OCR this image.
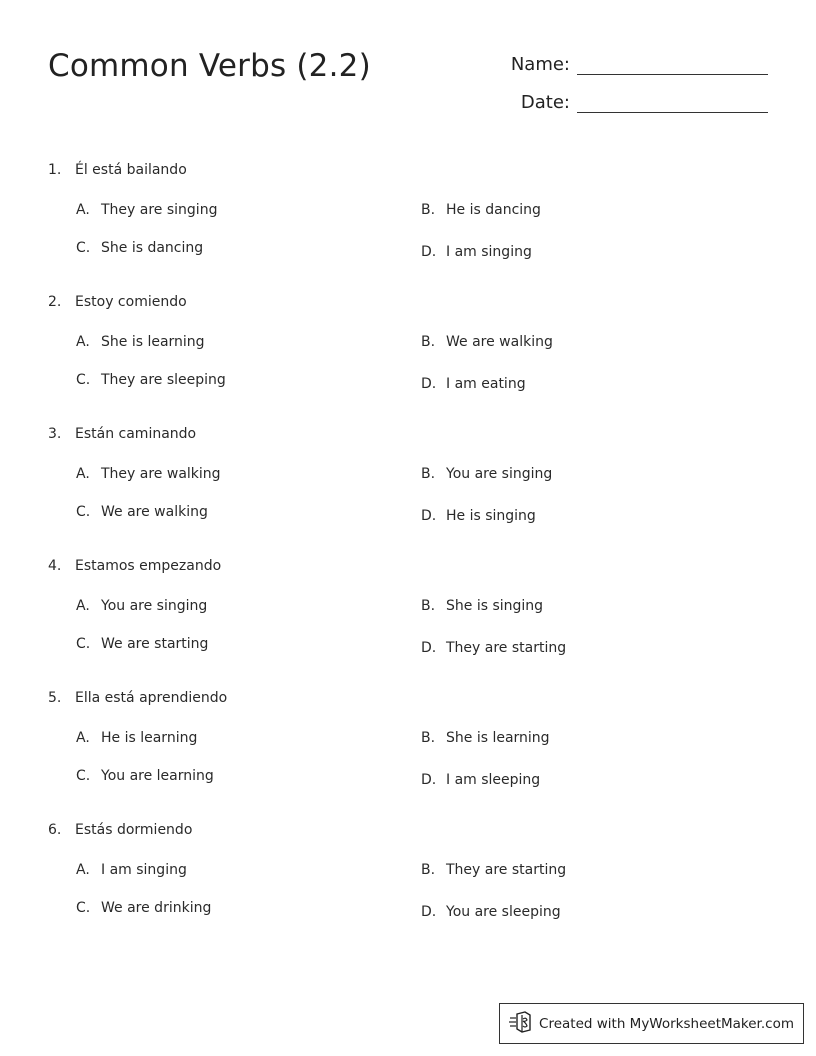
Common Verbs (2.2)	Name:
Date:
1. Él está bailando
A. They are singing	B. He is dancing
C. She is dancing	D. I am singing
2. Estoy comiendo
A. She is learning	B. We are walking
C. They are sleeping	D. I am eating
3. Están caminando
A. They are walking	B. You are singing
C. We are walking	D. He is singing
4. Estamos empezando
A. You are singing	B. She is singing
C. We are starting	D. They are starting
5. Ella está aprendiendo
A. He is learning	B. She is learning
C. You are learning	D. I am sleeping
6. Estás dormiendo
A. I am singing	B. They are starting
C. We are drinking	D. You are sleeping
Created with MyWorksheetMaker.com
